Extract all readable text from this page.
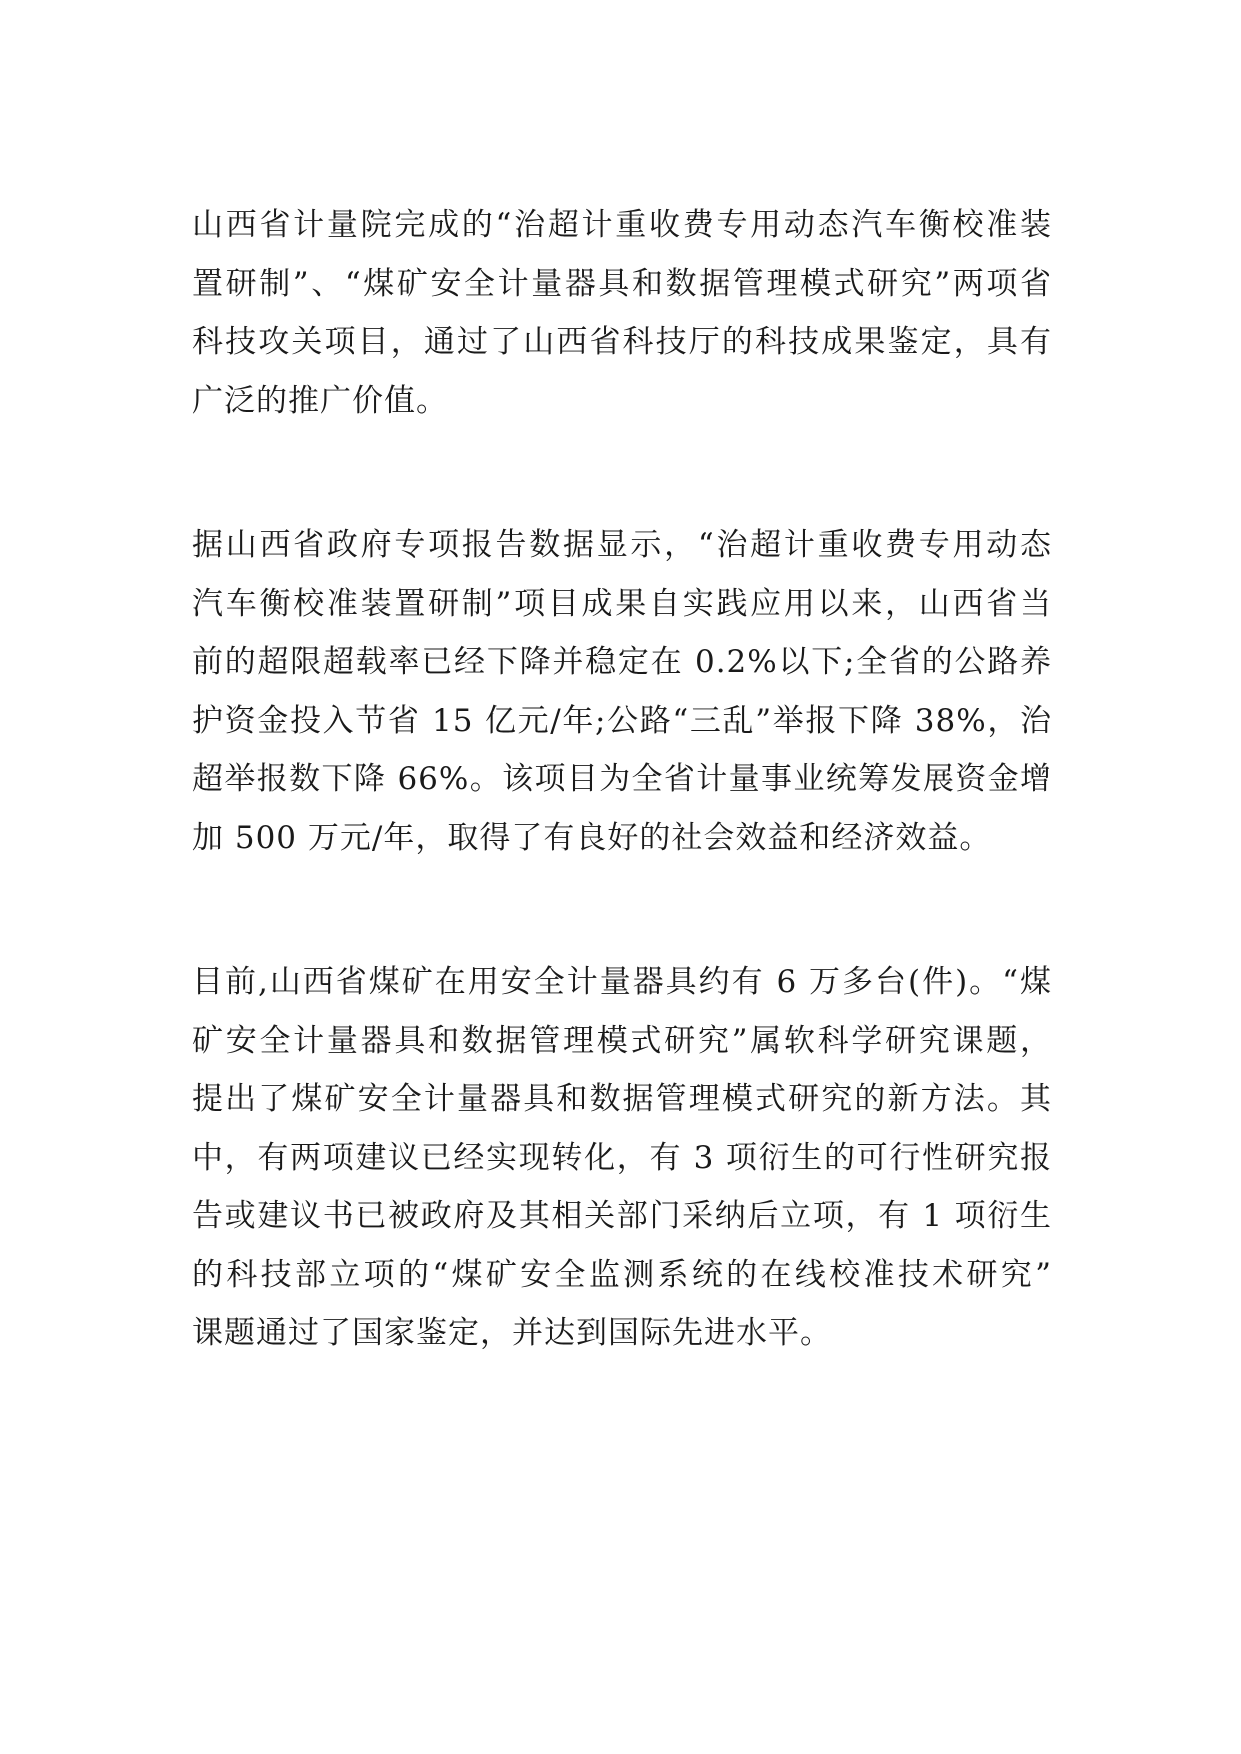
山西省计量院完成的“治超计重收费专用动态汽车衡校准装
置研制”、“煤矿安全计量器具和数据管理模式研究”两项省
科技攻关项目，通过了山西省科技厅的科技成果鉴定，具有
广泛的推广价值。
据山西省政府专项报告数据显示，“治超计重收费专用动态
汽车衡校准装置研制”项目成果自实践应用以来，山西省当
前的超限超载率已经下降并稳定在 0.2%以下;全省的公路养
护资金投入节省 15 亿元/年;公路“三乱”举报下降 38%，治
超举报数下降 66%。该项目为全省计量事业统筹发展资金增
加 500 万元/年，取得了有良好的社会效益和经济效益。
目前,山西省煤矿在用安全计量器具约有 6 万多台(件)。“煤
矿安全计量器具和数据管理模式研究”属软科学研究课题，
提出了煤矿安全计量器具和数据管理模式研究的新方法。其
中，有两项建议已经实现转化，有 3 项衍生的可行性研究报
告或建议书已被政府及其相关部门采纳后立项，有 1 项衍生
的科技部立项的“煤矿安全监测系统的在线校准技术研究”
课题通过了国家鉴定，并达到国际先进水平。
